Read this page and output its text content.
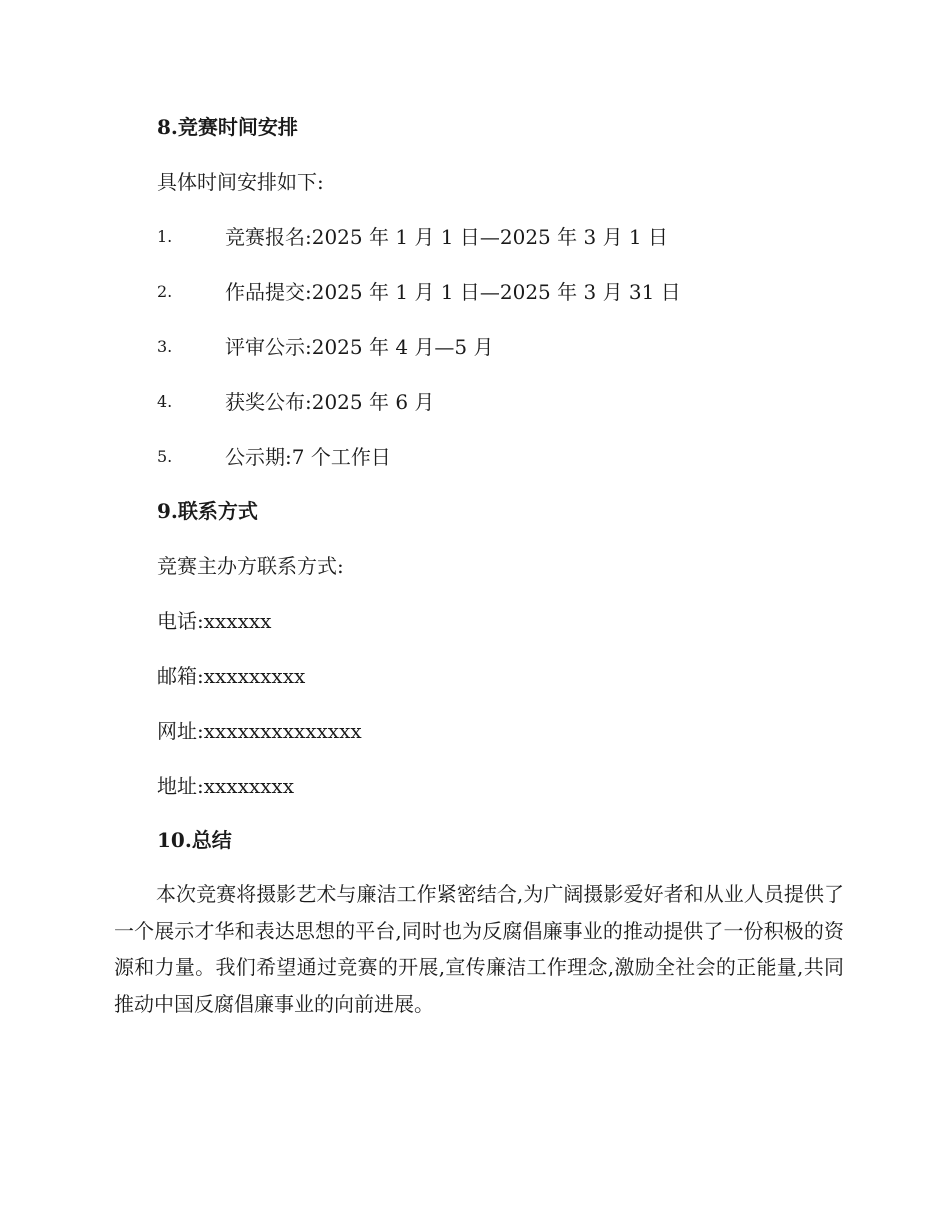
8.竞赛时间安排
具体时间安排如下:
1.	竞赛报名:2025 年 1 月 1 日—2025 年 3 月 1 日
2.	作品提交:2025 年 1 月 1 日—2025 年 3 月 31 日
3.	评审公示:2025 年 4 月—5 月
4.	获奖公布:2025 年 6 月
5.	公示期:7 个工作日
9.联系方式
竞赛主办方联系方式:
电话:xxxxxx
邮箱:xxxxxxxxx
网址:xxxxxxxxxxxxxx
地址:xxxxxxxx
10.总结
本次竞赛将摄影艺术与廉洁工作紧密结合,为广阔摄影爱好者和从业人员提供了一个展示才华和表达思想的平台,同时也为反腐倡廉事业的推动提供了一份积极的资源和力量。我们希望通过竞赛的开展,宣传廉洁工作理念,激励全社会的正能量,共同推动中国反腐倡廉事业的向前进展。
